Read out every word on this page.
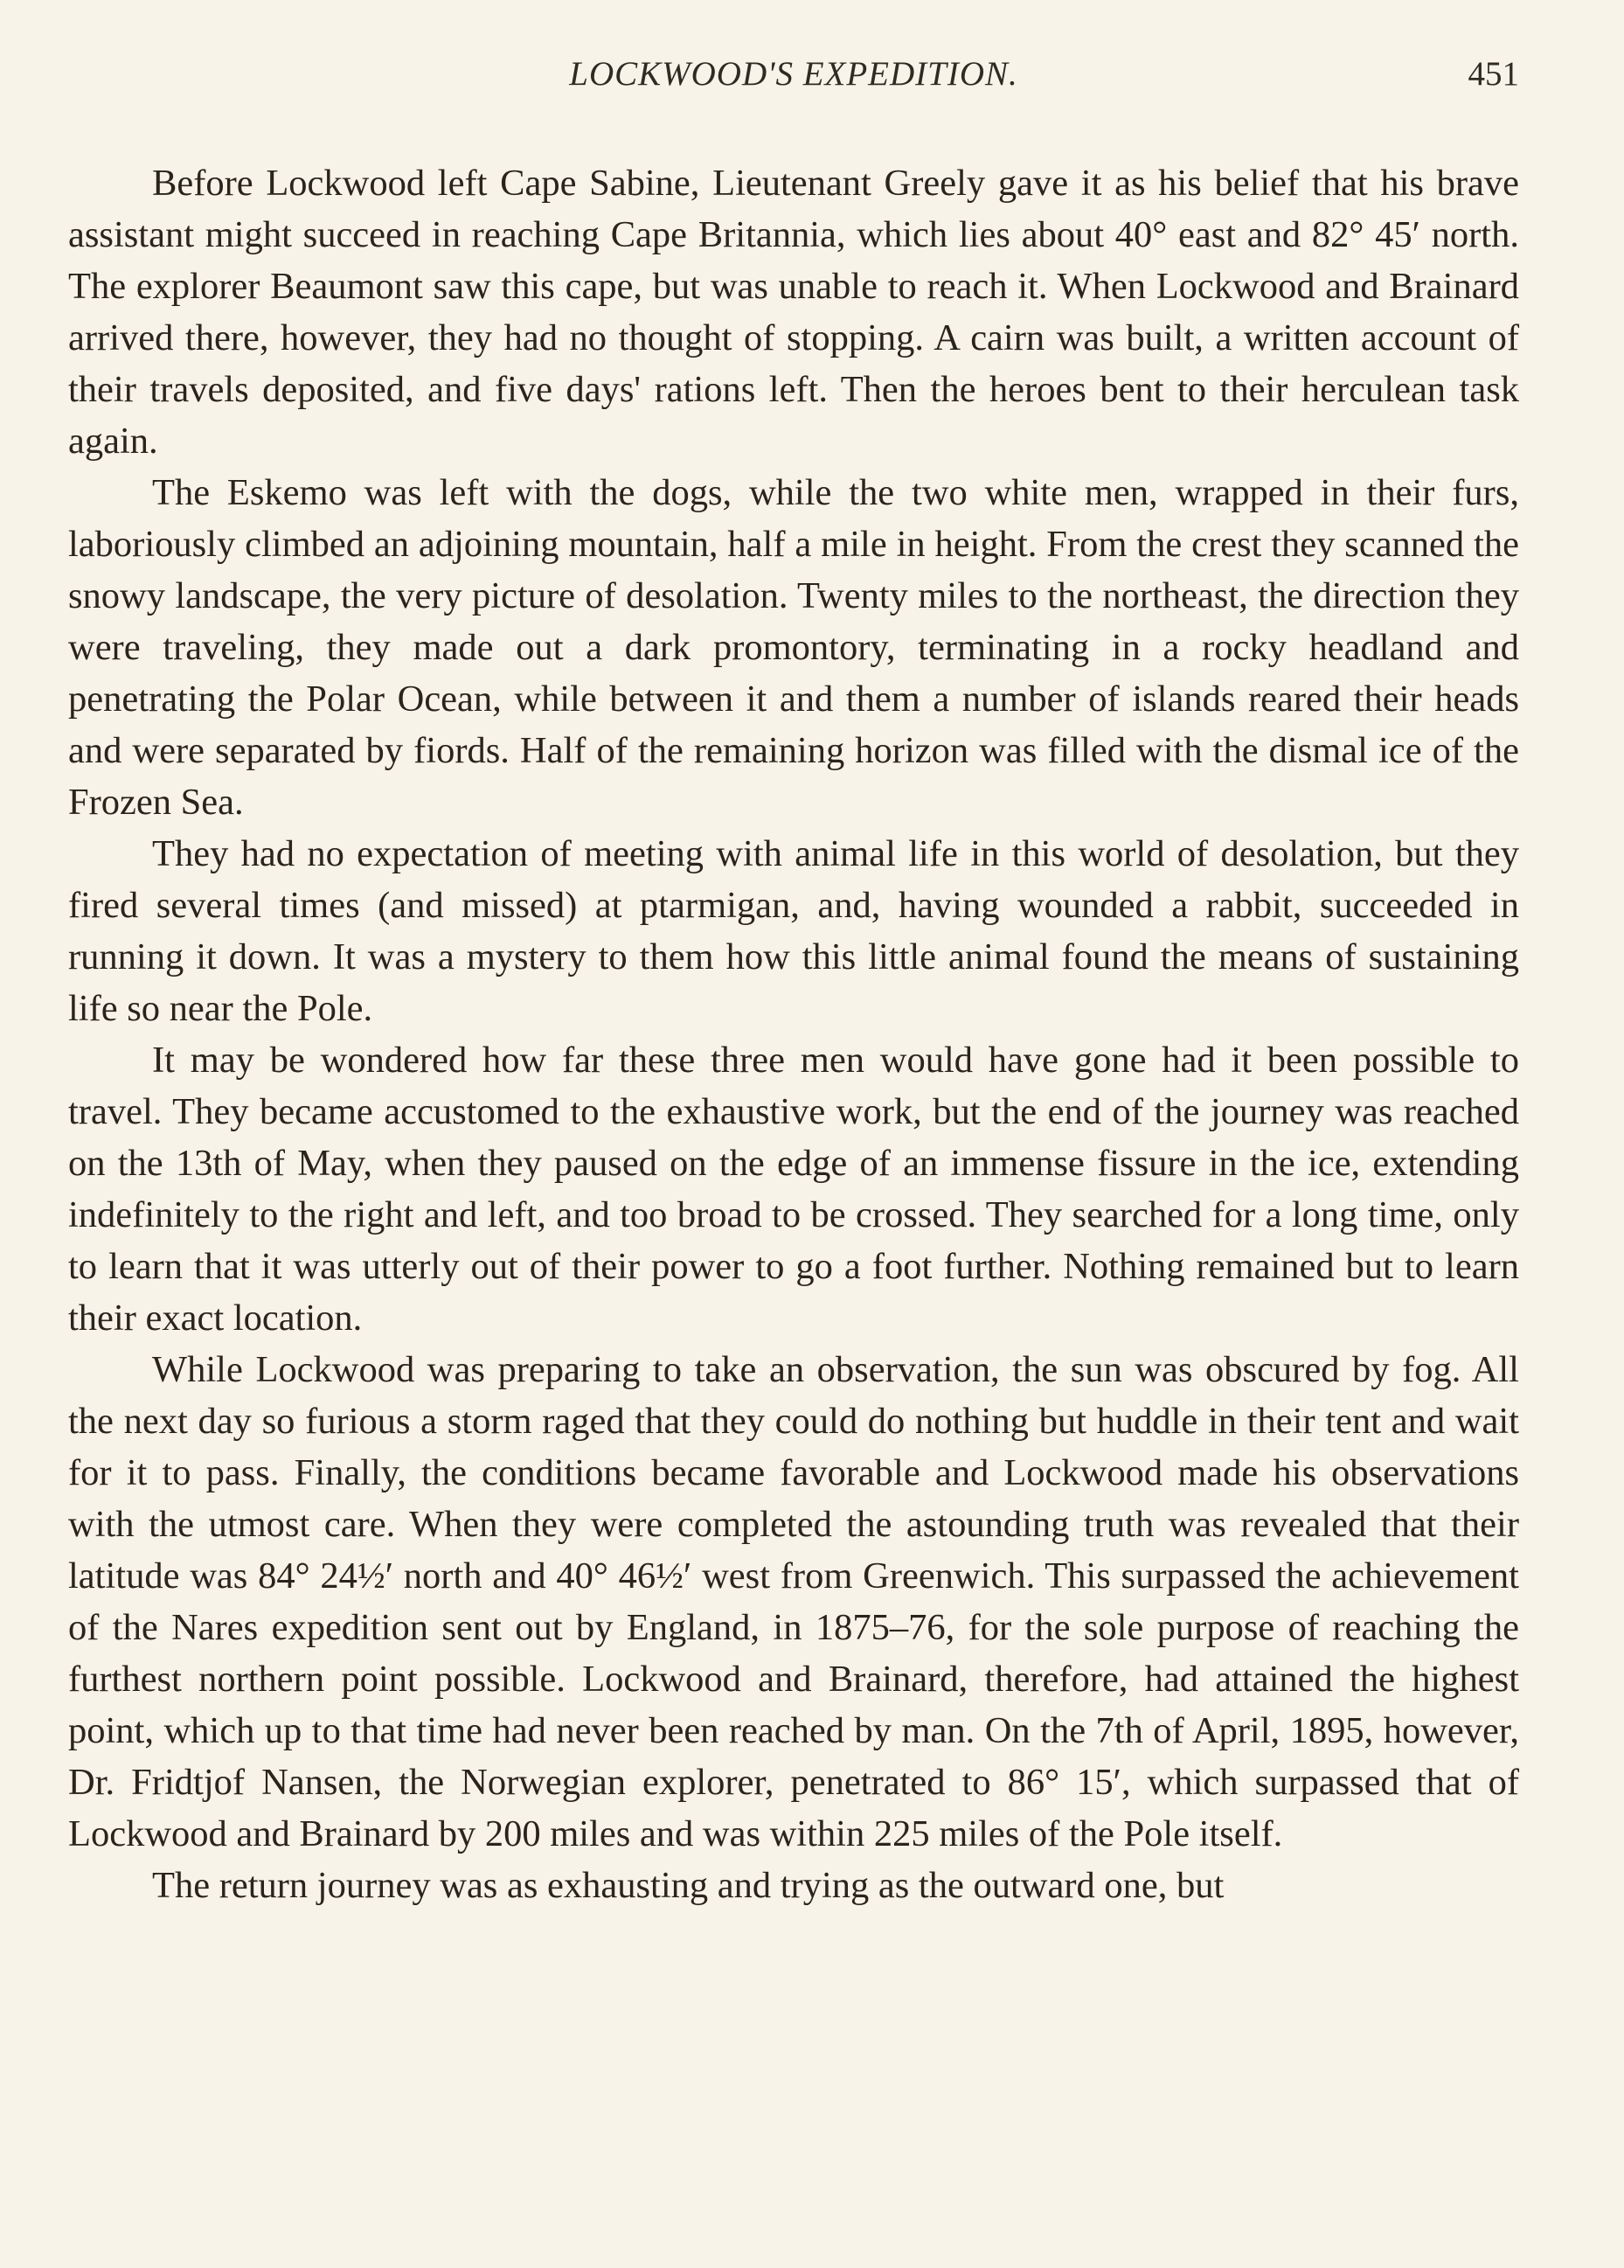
LOCKWOOD'S EXPEDITION.	451

Before Lockwood left Cape Sabine, Lieutenant Greely gave it as his belief that his brave assistant might succeed in reaching Cape Britannia, which lies about 40° east and 82° 45′ north. The explorer Beaumont saw this cape, but was unable to reach it. When Lockwood and Brainard arrived there, however, they had no thought of stopping. A cairn was built, a written account of their travels deposited, and five days' rations left. Then the heroes bent to their herculean task again.

The Eskemo was left with the dogs, while the two white men, wrapped in their furs, laboriously climbed an adjoining mountain, half a mile in height. From the crest they scanned the snowy landscape, the very picture of desolation. Twenty miles to the northeast, the direction they were traveling, they made out a dark promontory, terminating in a rocky headland and penetrating the Polar Ocean, while between it and them a number of islands reared their heads and were separated by fiords. Half of the remaining horizon was filled with the dismal ice of the Frozen Sea.

They had no expectation of meeting with animal life in this world of desolation, but they fired several times (and missed) at ptarmigan, and, having wounded a rabbit, succeeded in running it down. It was a mystery to them how this little animal found the means of sustaining life so near the Pole.

It may be wondered how far these three men would have gone had it been possible to travel. They became accustomed to the exhaustive work, but the end of the journey was reached on the 13th of May, when they paused on the edge of an immense fissure in the ice, extending indefinitely to the right and left, and too broad to be crossed. They searched for a long time, only to learn that it was utterly out of their power to go a foot further. Nothing remained but to learn their exact location.

While Lockwood was preparing to take an observation, the sun was obscured by fog. All the next day so furious a storm raged that they could do nothing but huddle in their tent and wait for it to pass. Finally, the conditions became favorable and Lockwood made his observations with the utmost care. When they were completed the astounding truth was revealed that their latitude was 84° 24½′ north and 40° 46½′ west from Greenwich. This surpassed the achievement of the Nares expedition sent out by England, in 1875–76, for the sole purpose of reaching the furthest northern point possible. Lockwood and Brainard, therefore, had attained the highest point, which up to that time had never been reached by man. On the 7th of April, 1895, however, Dr. Fridtjof Nansen, the Norwegian explorer, penetrated to 86° 15′, which surpassed that of Lockwood and Brainard by 200 miles and was within 225 miles of the Pole itself.

The return journey was as exhausting and trying as the outward one, but
